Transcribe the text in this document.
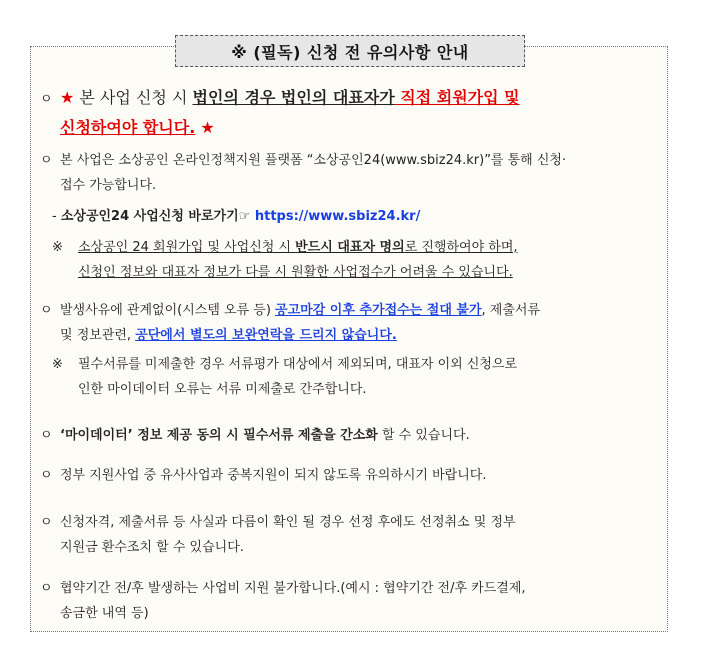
※ (필독) 신청 전 유의사항 안내
ㅇ ★ 본 사업 신청 시 법인의 경우 법인의 대표자가 직접 회원가입 및
신청하여야 합니다. ★
ㅇ 본 사업은 소상공인 온라인정책지원 플랫폼 “소상공인24(www.sbiz24.kr)”를 통해 신청·
접수 가능합니다.
- 소상공인24 사업신청 바로가기☞ https://www.sbiz24.kr/
※ 소상공인 24 회원가입 및 사업신청 시 반드시 대표자 명의로 진행하여야 하며,
신청인 정보와 대표자 정보가 다를 시 원활한 사업접수가 어려울 수 있습니다.
ㅇ 발생사유에 관계없이(시스템 오류 등) 공고마감 이후 추가접수는 절대 불가, 제출서류
및 정보관련, 공단에서 별도의 보완연락을 드리지 않습니다.
※ 필수서류를 미제출한 경우 서류평가 대상에서 제외되며, 대표자 이외 신청으로
인한 마이데이터 오류는 서류 미제출로 간주합니다.
ㅇ ‘마이데이터’ 정보 제공 동의 시 필수서류 제출을 간소화 할 수 있습니다.
ㅇ 정부 지원사업 중 유사사업과 중복지원이 되지 않도록 유의하시기 바랍니다.
ㅇ 신청자격, 제출서류 등 사실과 다름이 확인 될 경우 선정 후에도 선정취소 및 정부
지원금 환수조치 할 수 있습니다.
ㅇ 협약기간 전/후 발생하는 사업비 지원 불가합니다.(예시 : 협약기간 전/후 카드결제,
송금한 내역 등)
